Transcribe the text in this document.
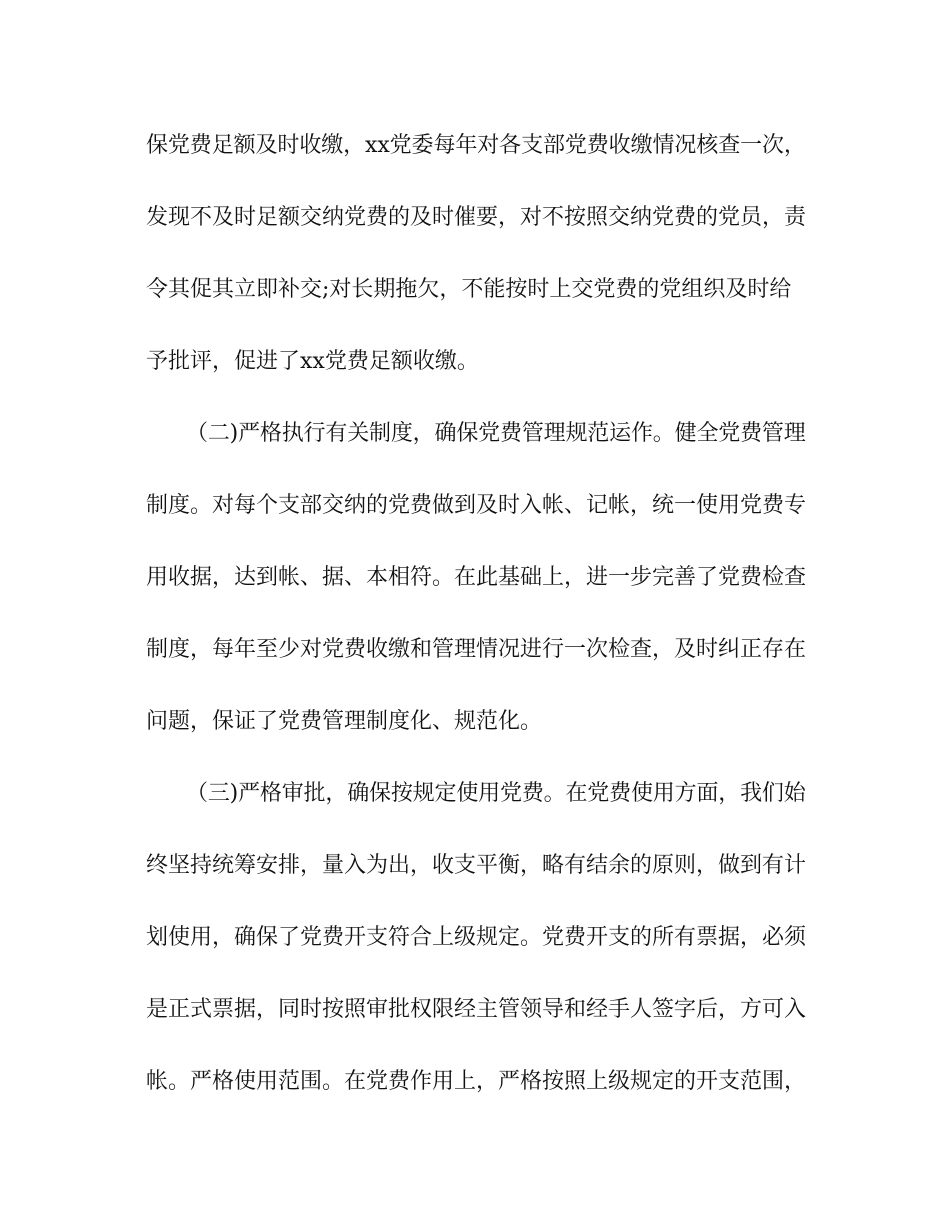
保党费足额及时收缴，xx党委每年对各支部党费收缴情况核查一次，
发现不及时足额交纳党费的及时催要，对不按照交纳党费的党员，责
令其促其立即补交;对长期拖欠，不能按时上交党费的党组织及时给
予批评，促进了xx党费足额收缴。
（二)严格执行有关制度，确保党费管理规范运作。健全党费管理
制度。对每个支部交纳的党费做到及时入帐、记帐，统一使用党费专
用收据，达到帐、据、本相符。在此基础上，进一步完善了党费检查
制度，每年至少对党费收缴和管理情况进行一次检查，及时纠正存在
问题，保证了党费管理制度化、规范化。
（三)严格审批，确保按规定使用党费。在党费使用方面，我们始
终坚持统筹安排，量入为出，收支平衡，略有结余的原则，做到有计
划使用，确保了党费开支符合上级规定。党费开支的所有票据，必须
是正式票据，同时按照审批权限经主管领导和经手人签字后，方可入
帐。严格使用范围。在党费作用上，严格按照上级规定的开支范围，
